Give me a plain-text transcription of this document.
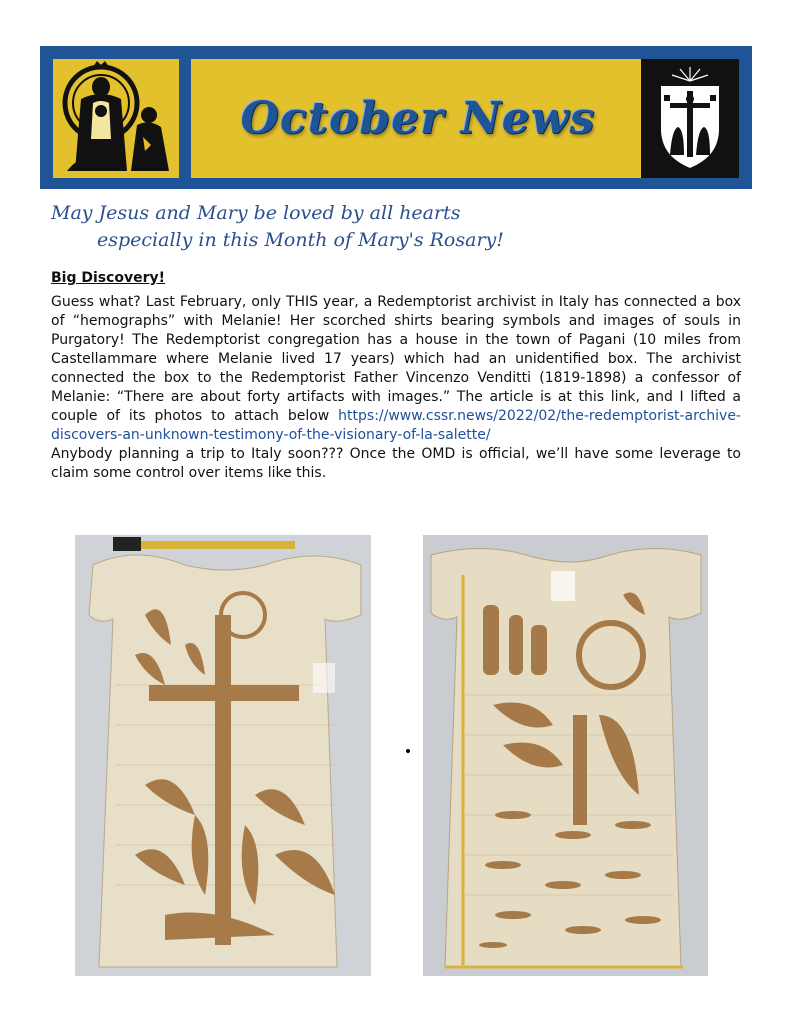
October News
May Jesus and Mary be loved by all hearts
especially in this Month of Mary's Rosary!
Big Discovery!
Guess what? Last February, only THIS year, a Redemptorist archivist in Italy has connected a box of “hemographs” with Melanie! Her scorched shirts bearing symbols and images of souls in Purgatory! The Redemptorist congregation has a house in the town of Pagani (10 miles from Castellammare where Melanie lived 17 years) which had an unidentified box. The archivist connected the box to the Redemptorist Father Vincenzo Venditti (1819-1898) a confessor of Melanie: “There are about forty artifacts with images.” The article is at this link, and I lifted a couple of its photos to attach below https://www.cssr.news/2022/02/the-redemptorist-archive-discovers-an-unknown-testimony-of-the-visionary-of-la-salette/
Anybody planning a trip to Italy soon??? Once the OMD is official, we’ll have some leverage to claim some control over items like this.
